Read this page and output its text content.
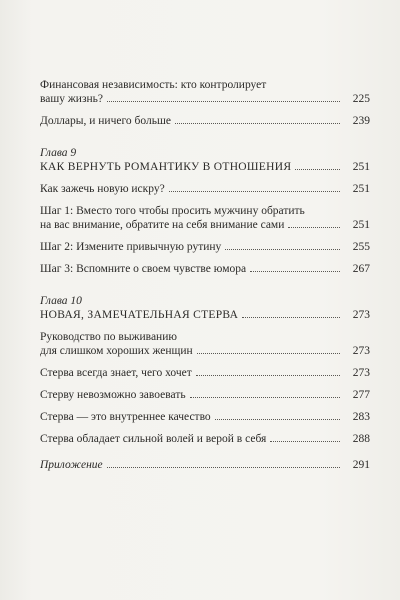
Финансовая независимость: кто контролирует
вашу жизнь?	225
Доллары, и ничего больше	239
Глава 9
КАК ВЕРНУТЬ РОМАНТИКУ В ОТНОШЕНИЯ	251
Как зажечь новую искру?	251
Шаг 1: Вместо того чтобы просить мужчину обратить
на вас внимание, обратите на себя внимание сами	251
Шаг 2: Измените привычную рутину	255
Шаг 3: Вспомните о своем чувстве юмора	267
Глава 10
НОВАЯ, ЗАМЕЧАТЕЛЬНАЯ СТЕРВА	273
Руководство по выживанию
для слишком хороших женщин	273
Стерва всегда знает, чего хочет	273
Стерву невозможно завоевать	277
Стерва — это внутреннее качество	283
Стерва обладает сильной волей и верой в себя	288
Приложение	291
